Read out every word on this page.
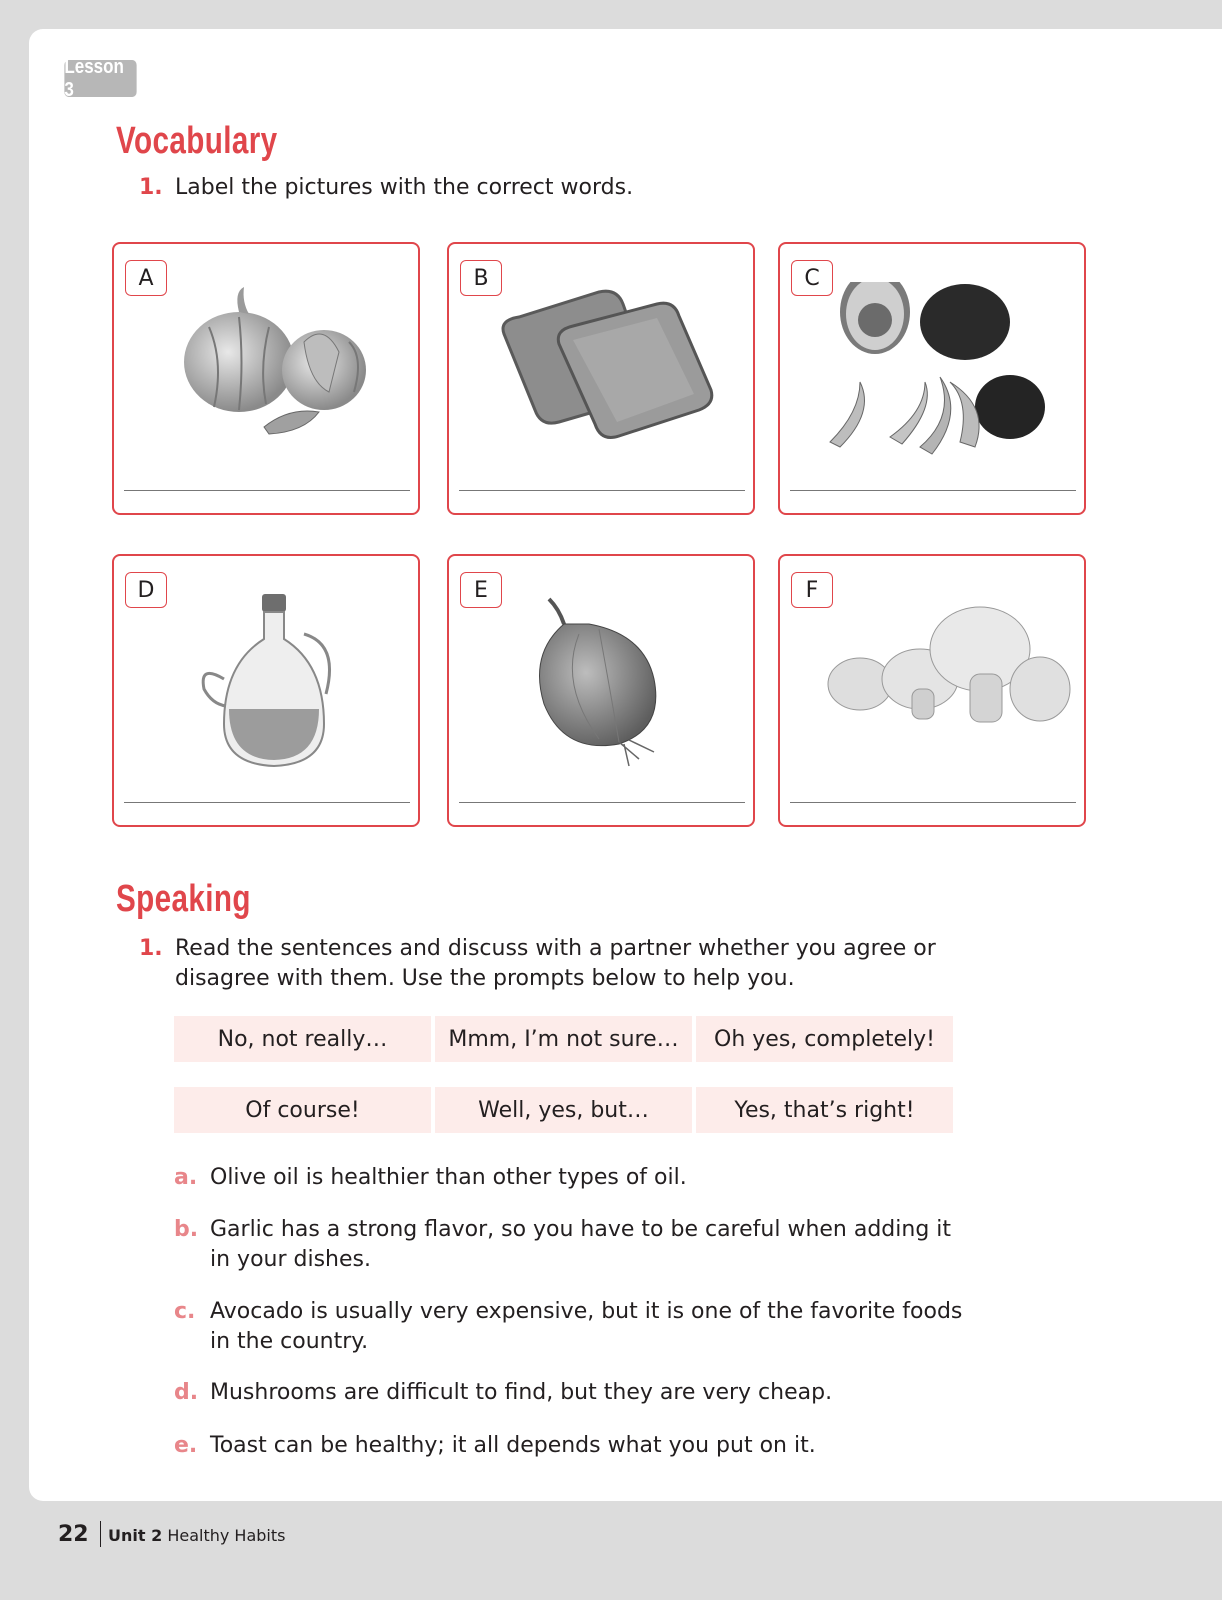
Lesson 3
Vocabulary
1. Label the pictures with the correct words.
A	B	C
D	E	F
Speaking
1. Read the sentences and discuss with a partner whether you agree or
disagree with them. Use the prompts below to help you.
No, not really…	Mmm, I’m not sure…	Oh yes, completely!
Of course!	Well, yes, but…	Yes, that’s right!
a. Olive oil is healthier than other types of oil.
b. Garlic has a strong flavor, so you have to be careful when adding it in your dishes.
c. Avocado is usually very expensive, but it is one of the favorite foods in the country.
d. Mushrooms are difficult to find, but they are very cheap.
e. Toast can be healthy; it all depends what you put on it.
22 Unit 2 Healthy Habits
